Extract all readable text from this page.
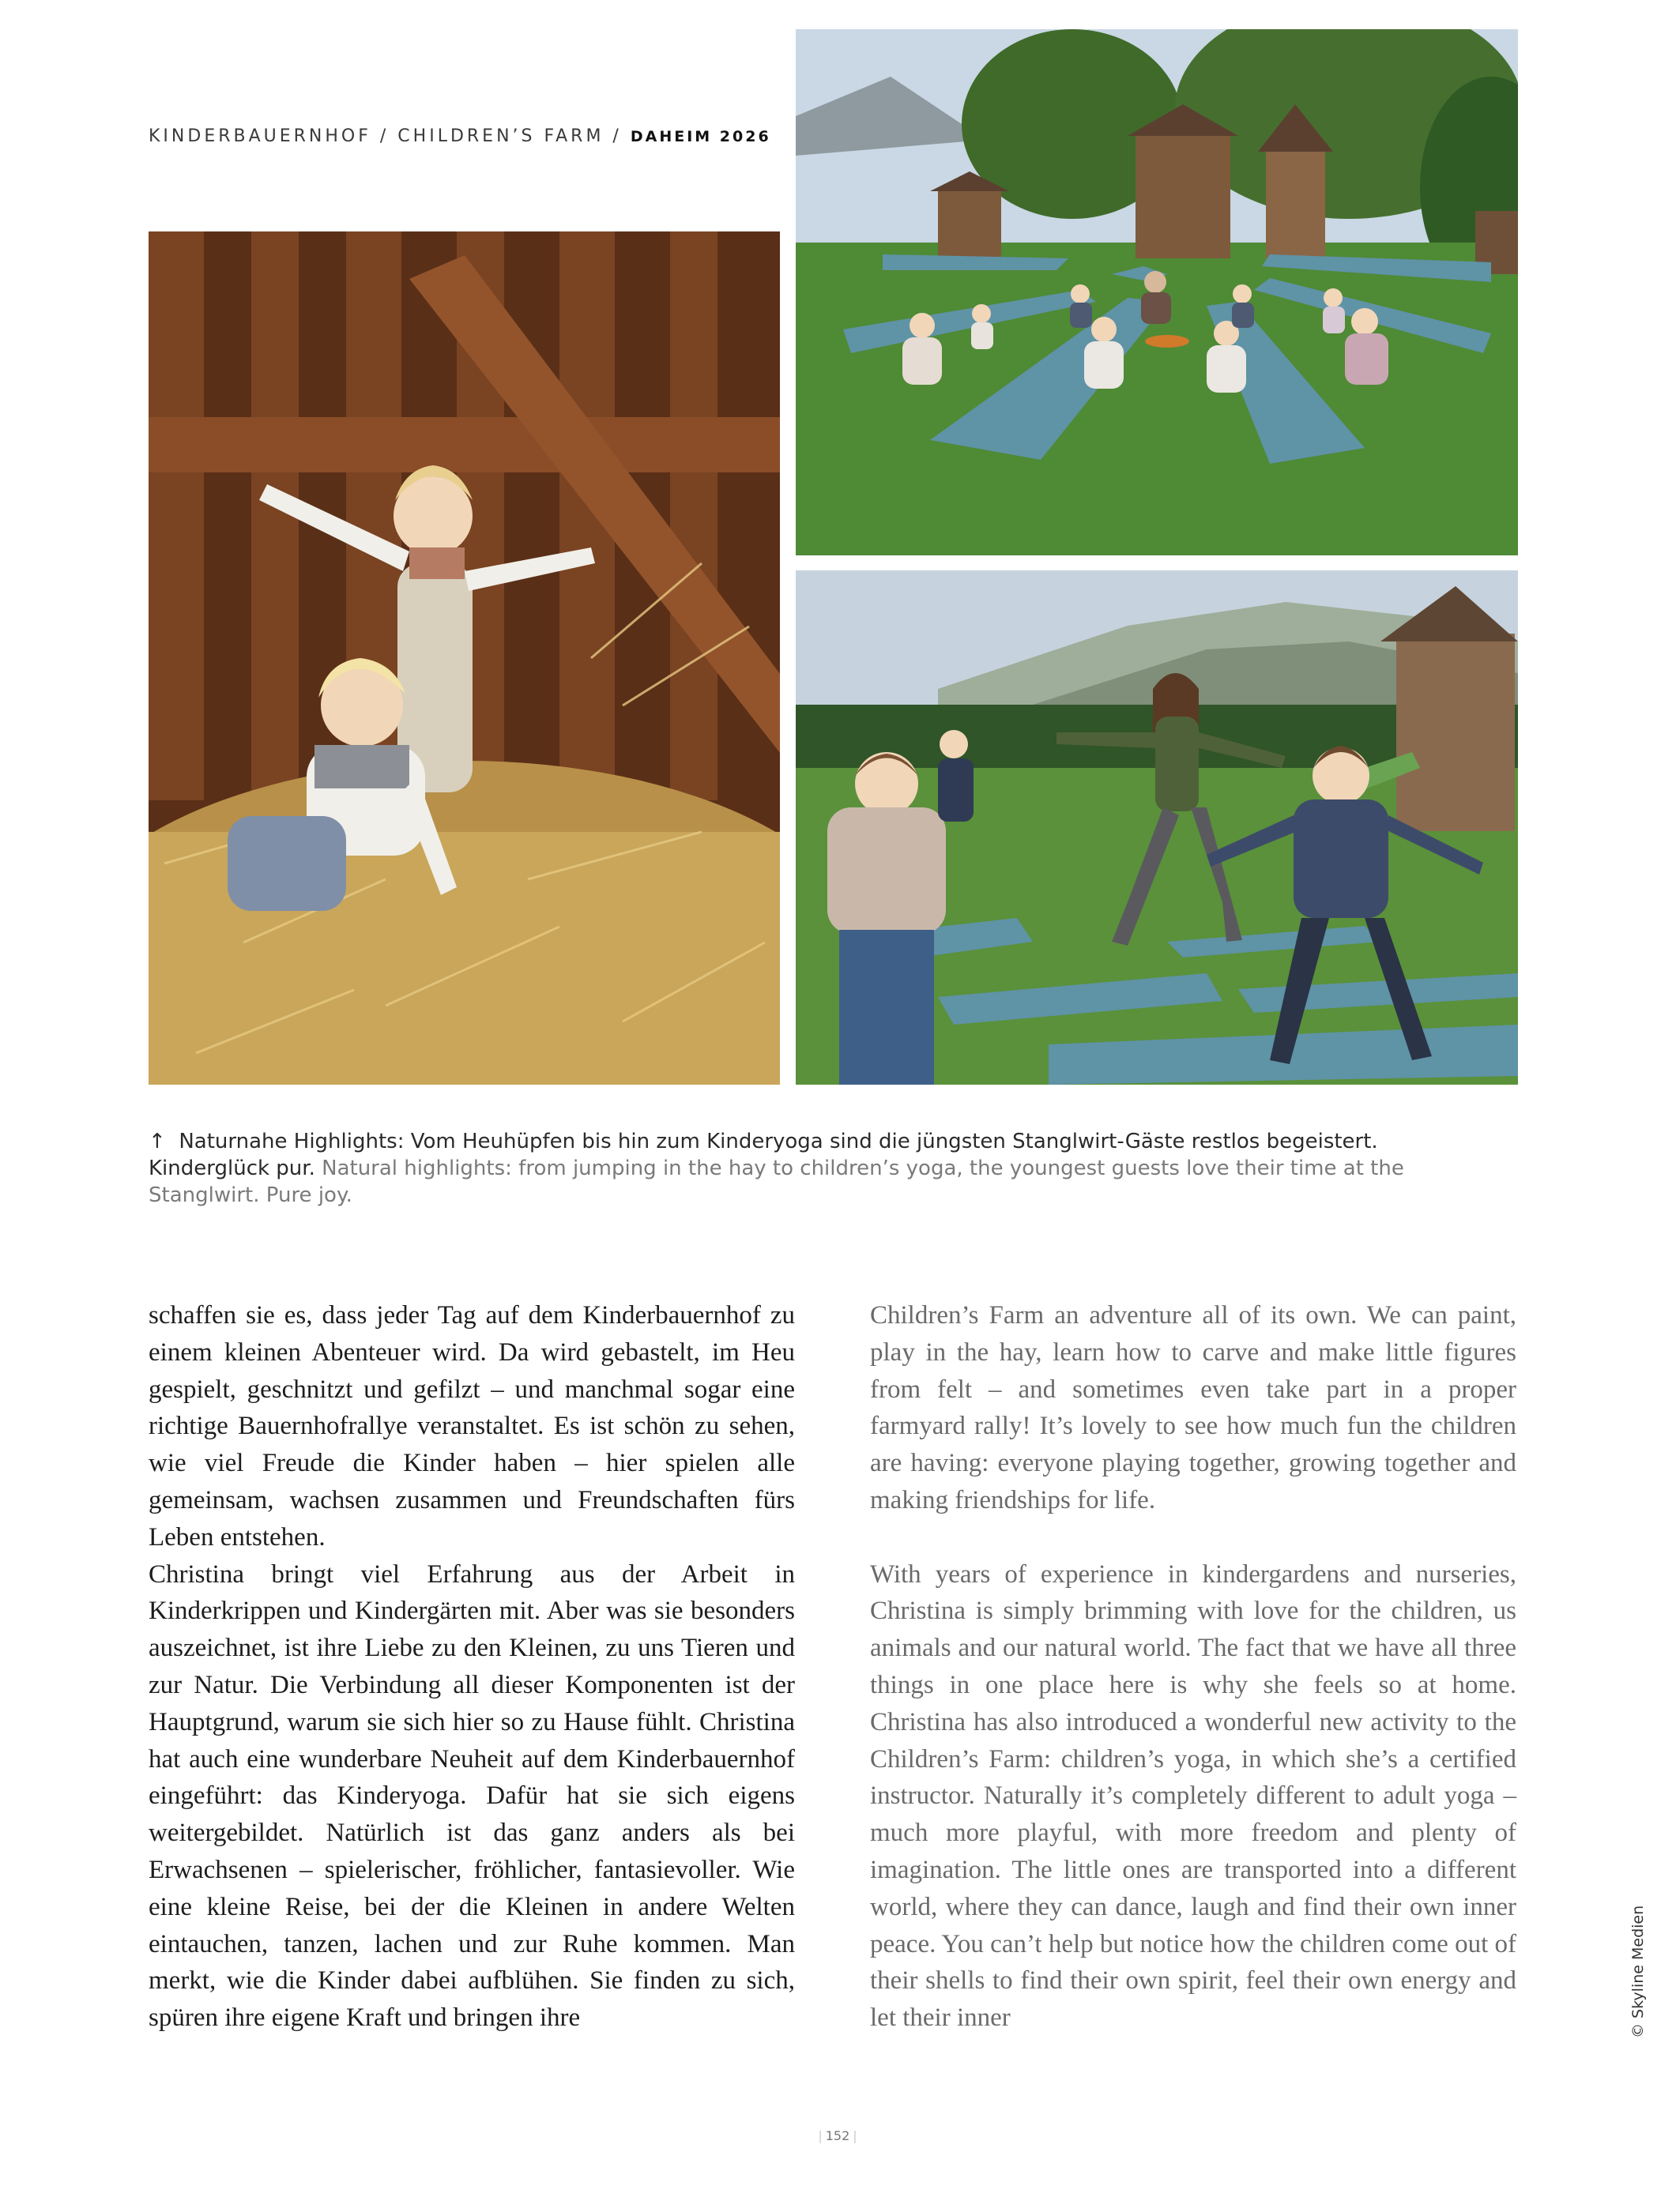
KINDERBAUERNHOF / CHILDREN’S FARM / DAHEIM 2026
↑ Naturnahe Highlights: Vom Heuhüpfen bis hin zum Kinderyoga sind die jüngsten Stanglwirt-Gäste restlos begeistert. Kinderglück pur. Natural highlights: from jumping in the hay to children’s yoga, the youngest guests love their time at the Stanglwirt. Pure joy.

schaffen sie es, dass jeder Tag auf dem Kinderbauernhof zu einem kleinen Abenteuer wird. Da wird gebastelt, im Heu gespielt, geschnitzt und gefilzt – und manchmal sogar eine richtige Bauernhofrallye veranstaltet. Es ist schön zu sehen, wie viel Freude die Kinder haben – hier spielen alle gemeinsam, wachsen zusammen und Freundschaften fürs Leben entstehen.

Christina bringt viel Erfahrung aus der Arbeit in Kinderkrippen und Kindergärten mit. Aber was sie besonders auszeichnet, ist ihre Liebe zu den Kleinen, zu uns Tieren und zur Natur. Die Verbindung all dieser Komponenten ist der Hauptgrund, warum sie sich hier so zu Hause fühlt. Christina hat auch eine wunderbare Neuheit auf dem Kinderbauernhof eingeführt: das Kinderyoga. Dafür hat sie sich eigens weitergebildet. Natürlich ist das ganz anders als bei Erwachsenen – spielerischer, fröhlicher, fantasievoller. Wie eine kleine Reise, bei der die Kleinen in andere Welten eintauchen, tanzen, lachen und zur Ruhe kommen. Man merkt, wie die Kinder dabei aufblühen. Sie finden zu sich, spüren ihre eigene Kraft und bringen ihre

Children’s Farm an adventure all of its own. We can paint, play in the hay, learn how to carve and make little figures from felt – and sometimes even take part in a proper farmyard rally! It’s lovely to see how much fun the children are having: everyone playing together, growing together and making friendships for life.

With years of experience in kindergardens and nurseries, Christina is simply brimming with love for the children, us animals and our natural world. The fact that we have all three things in one place here is why she feels so at home. Christina has also introduced a wonderful new activity to the Children’s Farm: children’s yoga, in which she’s a certified instructor. Naturally it’s completely different to adult yoga – much more playful, with more freedom and plenty of imagination. The little ones are transported into a different world, where they can dance, laugh and find their own inner peace. You can’t help but notice how the children come out of their shells to find their own spirit, feel their own energy and let their inner	© Skyline Medien
| 152 |
